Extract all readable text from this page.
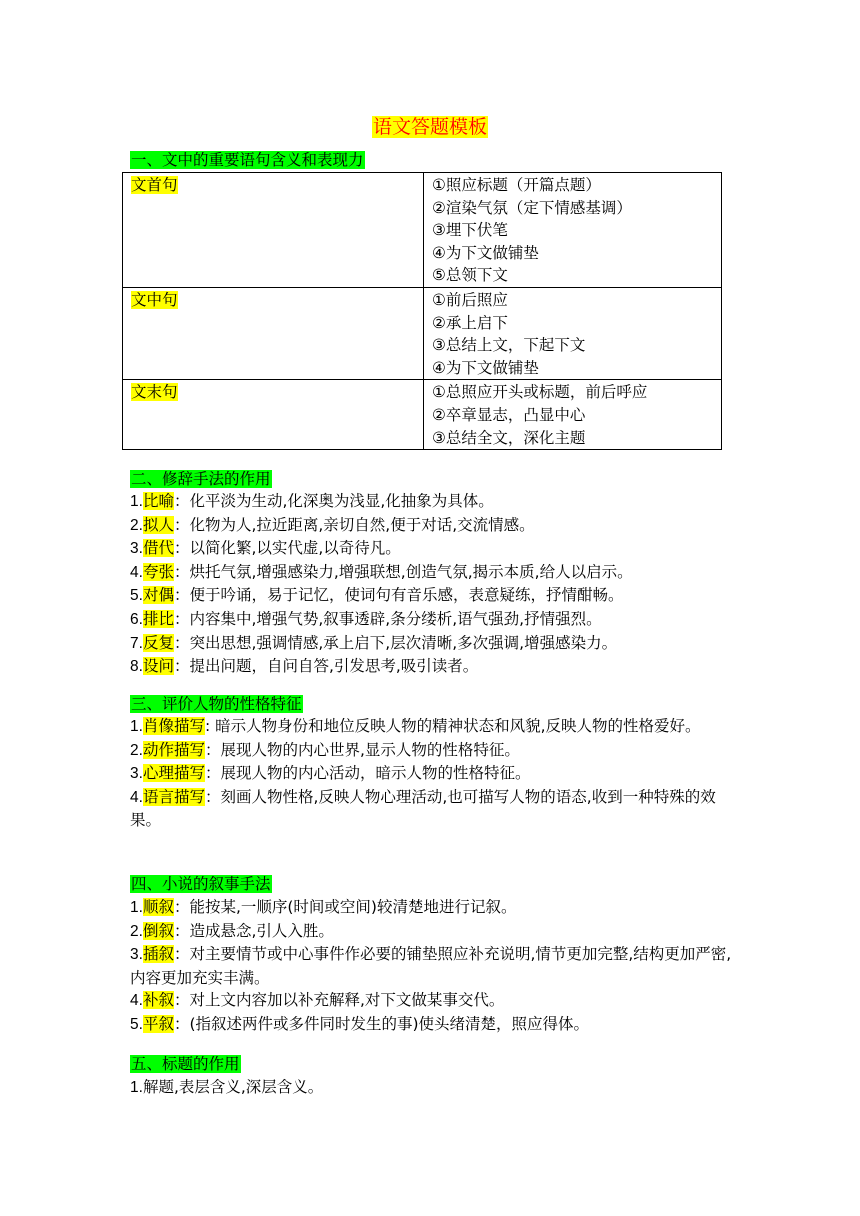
语文答题模板
一、文中的重要语句含义和表现力
文首句	①照应标题（开篇点题）
②渲染气氛（定下情感基调）
③埋下伏笔
④为下文做铺垫
⑤总领下文

文中句	①前后照应
②承上启下
③总结上文，下起下文
④为下文做铺垫

文末句	①总照应开头或标题，前后呼应
②卒章显志，凸显中心
③总结全文，深化主题
二、修辞手法的作用
1.比喻：化平淡为生动,化深奥为浅显,化抽象为具体。
2.拟人：化物为人,拉近距离,亲切自然,便于对话,交流情感。
3.借代：以简化繁,以实代虚,以奇待凡。
4.夸张：烘托气氛,增强感染力,增强联想,创造气氛,揭示本质,给人以启示。
5.对偶：便于吟诵，易于记忆，使词句有音乐感，表意疑练，抒情酣畅。
6.排比：内容集中,增强气势,叙事透辟,条分缕析,语气强劲,抒情强烈。
7.反复：突出思想,强调情感,承上启下,层次清晰,多次强调,增强感染力。
8.设问：提出问题，自问自答,引发思考,吸引读者。
三、评价人物的性格特征
1.肖像描写: 暗示人物身份和地位反映人物的精神状态和风貌,反映人物的性格爱好。
2.动作描写：展现人物的内心世界,显示人物的性格特征。
3.心理描写：展现人物的内心活动，暗示人物的性格特征。
4.语言描写：刻画人物性格,反映人物心理活动,也可描写人物的语态,收到一种特殊的效果。
四、小说的叙事手法
1.顺叙：能按某,一顺序(时间或空间)较清楚地进行记叙。
2.倒叙：造成悬念,引人入胜。
3.插叙：对主要情节或中心事件作必要的铺垫照应补充说明,情节更加完整,结构更加严密,内容更加充实丰满。
4.补叙：对上文内容加以补充解释,对下文做某事交代。
5.平叙：(指叙述两件或多件同时发生的事)使头绪清楚，照应得体。
五、标题的作用
1.解题,表层含义,深层含义。
